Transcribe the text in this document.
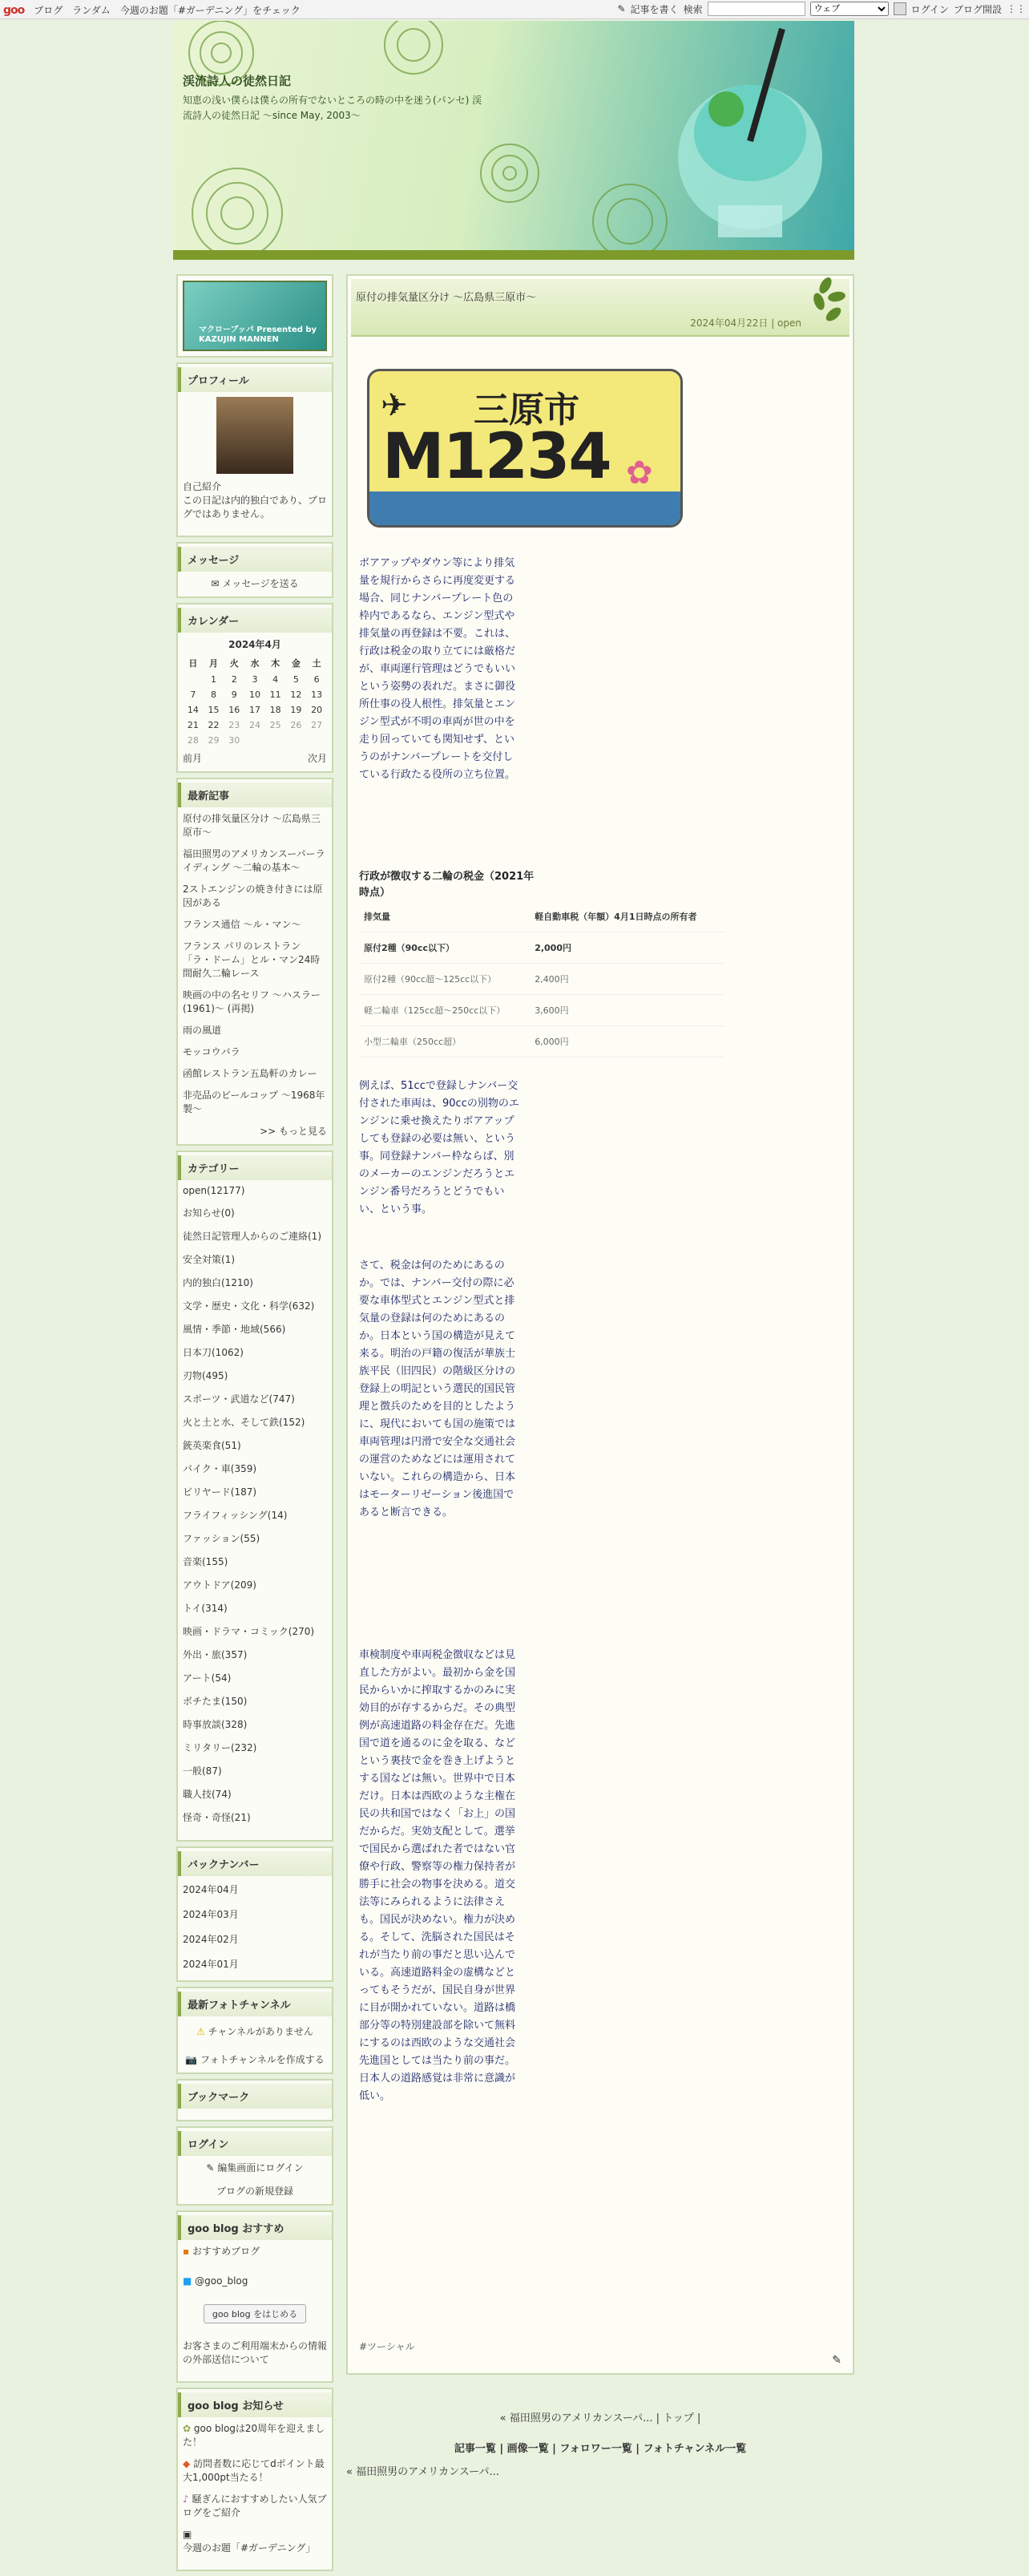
goo ブログ ランダム 今週のお題「#ガーデニング」をチェック	✎ 記事を書く 検索
ウェブ	ログイン ブログ開設 ⋮⋮
渓流詩人の徒然日記
知恵の浅い僕らは僕らの所有でないところの時の中を迷う(パンセ) 渓流詩人の徒然日記 ～since May, 2003～
マクローブッパ Presented by KAZUJIN MANNEN
プロフィール
自己紹介
この日記は内的独白であり、ブログではありません。
メッセージ
✉ メッセージを送る
カレンダー
2024年4月
日	月	火	水	木	金	土
	1	2	3	4	5	6
7	8	9	10	11	12	13
14	15	16	17	18	19	20
21	22	23	24	25	26	27
28	29	30				
前月	次月
最新記事
原付の排気量区分け ～広島県三原市～
福田照男のアメリカンスーパーライディング ～二輪の基本～
2ストエンジンの焼き付きには原因がある
フランス通信 ～ル・マン～
フランス パリのレストラン「ラ・ドーム」とル・マン24時間耐久二輪レース
映画の中の名セリフ ～ハスラー(1961)～ (再掲)
雨の風道
モッコウバラ
函館レストラン五島軒のカレー
非売品のビールコップ ～1968年製～
>> もっと見る
カテゴリー
open(12177)
お知らせ(0)
徒然日記管理人からのご連絡(1)
安全対策(1)
内的独白(1210)
文学・歴史・文化・科学(632)
風情・季節・地域(566)
日本刀(1062)
刃物(495)
スポーツ・武道など(747)
火と土と水、そして鉄(152)
銃英楽食(51)
バイク・車(359)
ビリヤード(187)
フライフィッシング(14)
ファッション(55)
音楽(155)
アウトドア(209)
トイ(314)
映画・ドラマ・コミック(270)
外出・旅(357)
アート(54)
ボチたま(150)
時事放談(328)
ミリタリー(232)
一般(87)
職人技(74)
怪奇・奇怪(21)
バックナンバー
2024年04月
2024年03月
2024年02月
2024年01月
最新フォトチャンネル
⚠ チャンネルがありません
📷 フォトチャンネルを作成する
ブックマーク
ログイン
✎ 編集画面にログイン
ブログの新規登録
goo blog おすすめ
▪ おすすめブログ
■ @goo_blog
goo blog をはじめる
お客さまのご利用端末からの情報の外部送信について
goo blog お知らせ
✿ goo blogは20周年を迎えました！
◆ 訪問者数に応じてdポイント最大1,000pt当たる！
♪ 騒ぎんにおすすめしたい人気ブログをご紹介
▣ 今週のお題「#ガーデニング」
原付の排気量区分け ～広島県三原市～
2024年04月22日 | open
三原市
M1234
✈
✿
ボアアップやダウン等により排気量を規行からさらに再度変更する場合、同じナンバープレート色の枠内であるなら、エンジン型式や排気量の再登録は不要。これは、行政は税金の取り立てには厳格だが、車両運行管理はどうでもいいという姿勢の表れだ。まさに御役所仕事の役人根性。排気量とエンジン型式が不明の車両が世の中を走り回っていても関知せず、というのがナンバープレートを交付している行政たる役所の立ち位置。
行政が徴収する二輪の税金（2021年時点）
排気量	軽自動車税（年額）4月1日時点の所有者
原付2種（90cc以下）	2,000円
原付2種（90cc超～125cc以下）	2,400円
軽二輪車（125cc超～250cc以下）	3,600円
小型二輪車（250cc超）	6,000円
例えば、51ccで登録しナンバー交付された車両は、90ccの別物のエンジンに乗せ換えたりボアアップしても登録の必要は無い、という事。同登録ナンバー枠ならば、別のメーカーのエンジンだろうとエンジン番号だろうとどうでもいい、という事。
さて、税金は何のためにあるのか。では、ナンバー交付の際に必要な車体型式とエンジン型式と排気量の登録は何のためにあるのか。日本という国の構造が見えて来る。明治の戸籍の復活が華族士族平民（旧四民）の階級区分けの登録上の明記という選民的国民管理と徴兵のためを目的としたように、現代においても国の施策では車両管理は円滑で安全な交通社会の運営のためなどには運用されていない。これらの構造から、日本はモーターリゼーション後進国であると断言できる。
車検制度や車両税金徴収などは見直した方がよい。最初から金を国民からいかに搾取するかのみに実効目的が存するからだ。その典型例が高速道路の料金存在だ。先進国で道を通るのに金を取る、などという裏技で金を巻き上げようとする国などは無い。世界中で日本だけ。日本は西欧のような主権在民の共和国ではなく「お上」の国だからだ。実効支配として。選挙で国民から選ばれた者ではない官僚や行政、警察等の権力保持者が勝手に社会の物事を決める。道交法等にみられるように法律さえも。国民が決めない。権力が決める。そして、洗脳された国民はそれが当たり前の事だと思い込んでいる。高速道路料金の虚構などとってもそうだが、国民自身が世界に目が開かれていない。道路は橋部分等の特別建設部を除いて無料にするのは西欧のような交通社会先進国としては当たり前の事だ。日本人の道路感覚は非常に意識が低い。
#ツーシャル
✎
« 福田照男のアメリカンスーパ... | トップ |
記事一覧 | 画像一覧 | フォロワー一覧 | フォトチャンネル一覧
« 福田照男のアメリカンスーパ...
